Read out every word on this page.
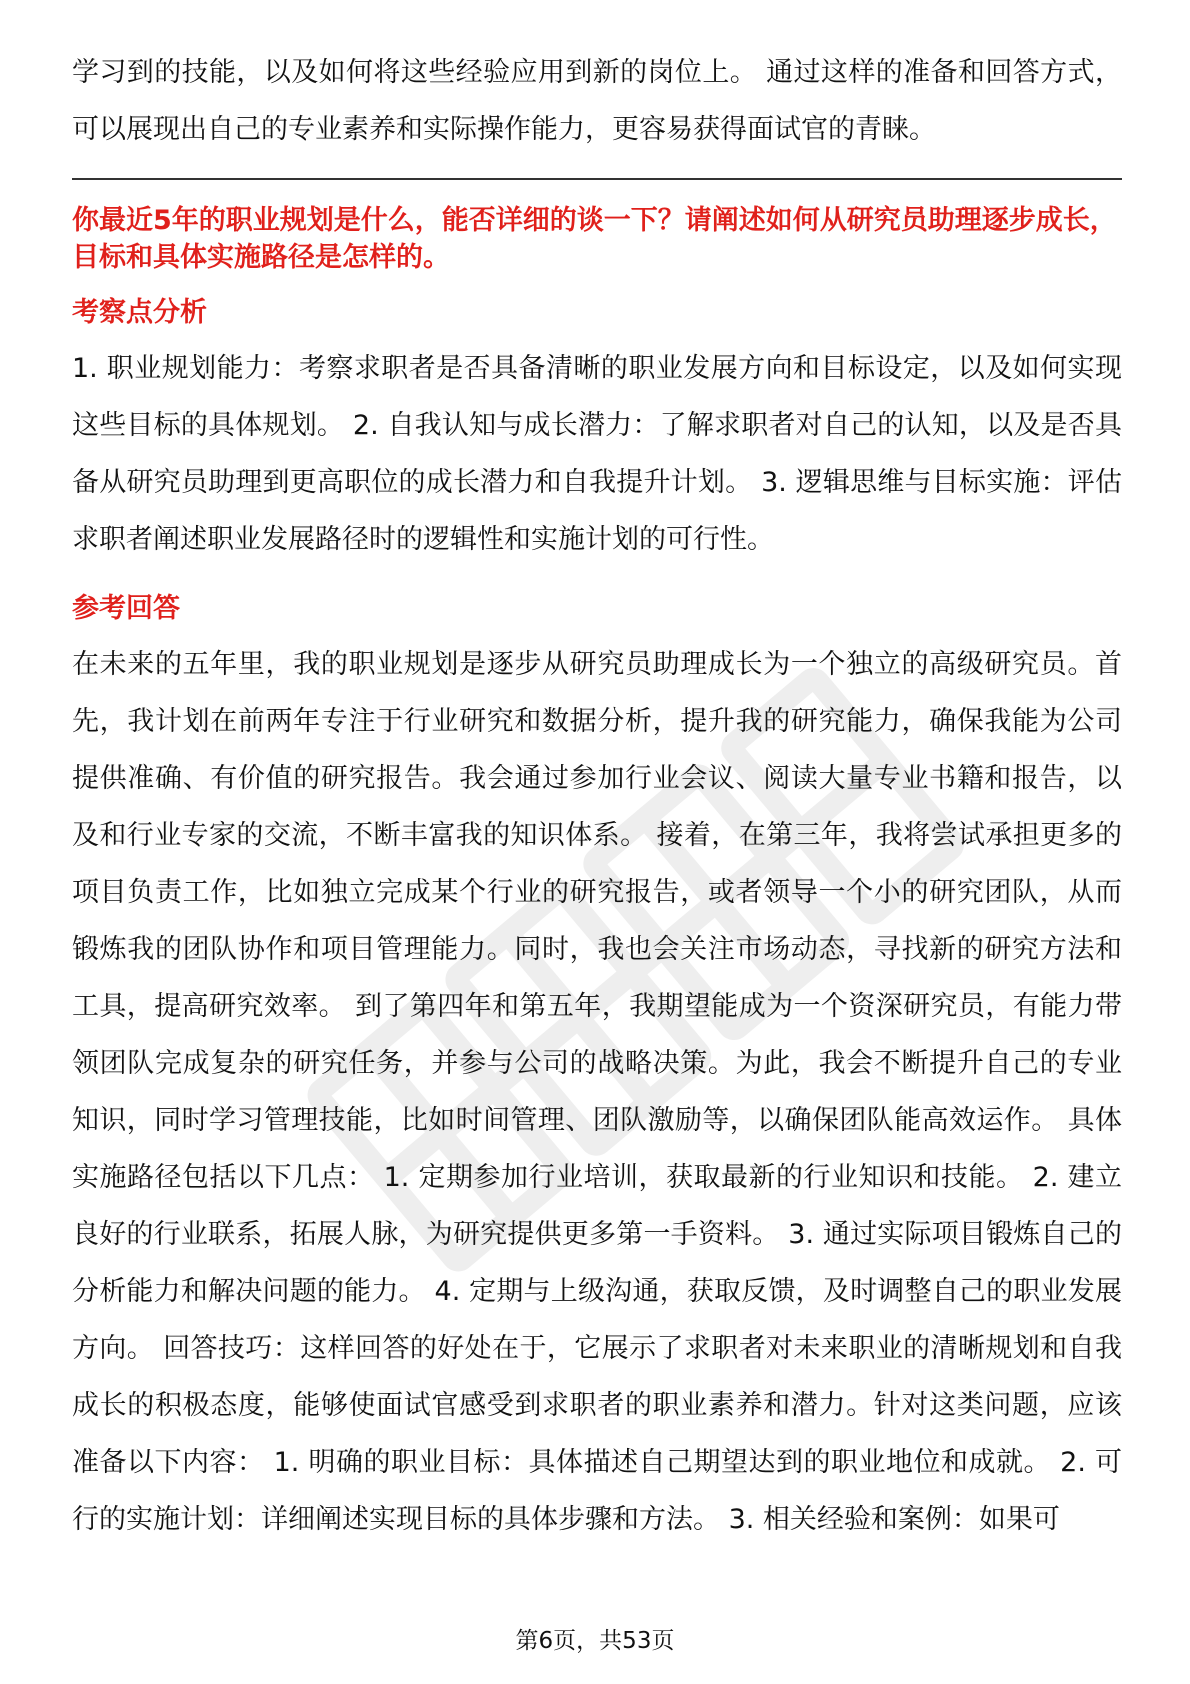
学习到的技能，以及如何将这些经验应用到新的岗位上。 通过这样的准备和回答方式，可以展现出自己的专业素养和实际操作能力，更容易获得面试官的青睐。

你最近5年的职业规划是什么，能否详细的谈一下？请阐述如何从研究员助理逐步成长，目标和具体实施路径是怎样的。

考察点分析

1. 职业规划能力：考察求职者是否具备清晰的职业发展方向和目标设定，以及如何实现这些目标的具体规划。 2. 自我认知与成长潜力：了解求职者对自己的认知，以及是否具备从研究员助理到更高职位的成长潜力和自我提升计划。 3. 逻辑思维与目标实施：评估求职者阐述职业发展路径时的逻辑性和实施计划的可行性。

参考回答

在未来的五年里，我的职业规划是逐步从研究员助理成长为一个独立的高级研究员。首先，我计划在前两年专注于行业研究和数据分析，提升我的研究能力，确保我能为公司提供准确、有价值的研究报告。我会通过参加行业会议、阅读大量专业书籍和报告，以及和行业专家的交流，不断丰富我的知识体系。 接着，在第三年，我将尝试承担更多的项目负责工作，比如独立完成某个行业的研究报告，或者领导一个小的研究团队，从而锻炼我的团队协作和项目管理能力。同时，我也会关注市场动态，寻找新的研究方法和工具，提高研究效率。 到了第四年和第五年，我期望能成为一个资深研究员，有能力带领团队完成复杂的研究任务，并参与公司的战略决策。为此，我会不断提升自己的专业知识，同时学习管理技能，比如时间管理、团队激励等，以确保团队能高效运作。 具体实施路径包括以下几点： 1. 定期参加行业培训，获取最新的行业知识和技能。 2. 建立良好的行业联系，拓展人脉，为研究提供更多第一手资料。 3. 通过实际项目锻炼自己的分析能力和解决问题的能力。 4. 定期与上级沟通，获取反馈，及时调整自己的职业发展方向。 回答技巧：这样回答的好处在于，它展示了求职者对未来职业的清晰规划和自我成长的积极态度，能够使面试官感受到求职者的职业素养和潜力。针对这类问题，应该准备以下内容： 1. 明确的职业目标：具体描述自己期望达到的职业地位和成就。 2. 可行的实施计划：详细阐述实现目标的具体步骤和方法。 3. 相关经验和案例：如果可

第6页，共53页
